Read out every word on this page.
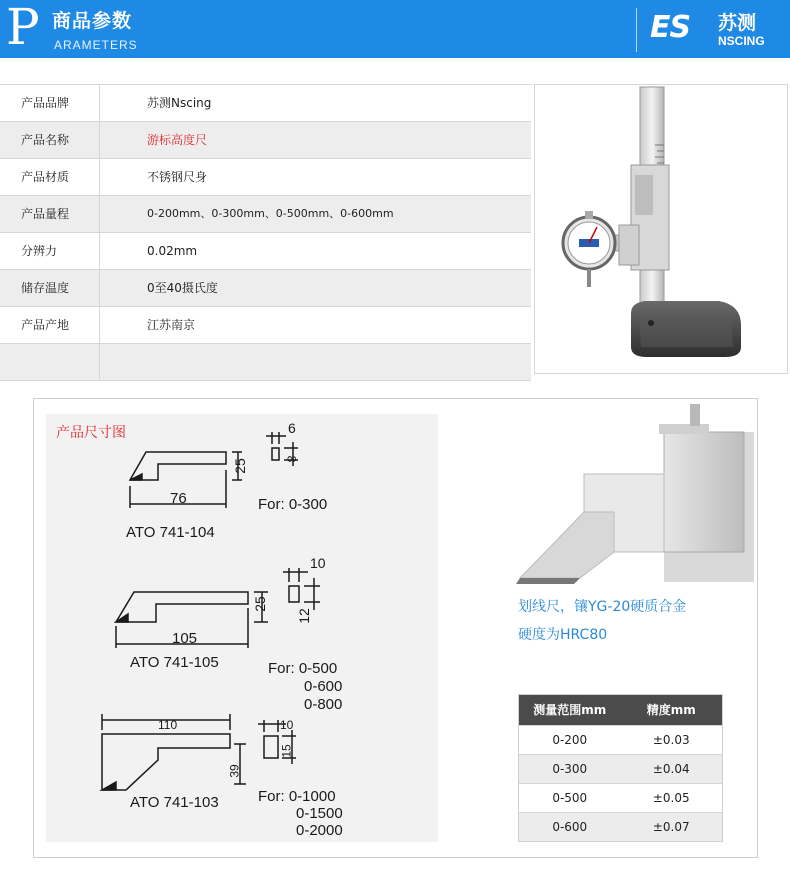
P 商品参数
ARAMETERS	ES 苏测
NSCING
产品品牌	苏测Nscing
产品名称	游标高度尺
产品材质	不锈钢尺身
产品量程	0-200mm、0-300mm、0-500mm、0-600mm
分辨力	0.02mm
储存温度	0至40摄氏度
产品产地	江苏南京
产品尺寸图	6
8
25
76	For: 0-300
ATO 741-104
10
12
25
105
ATO 741-105	For: 0-500
0-600
0-800
110	10
39
15
ATO 741-103	For: 0-1000
0-1500
0-2000
划线尺，镶YG-20硬质合金
硬度为HRC80
测量范围mm	精度mm
0-200	±0.03
0-300	±0.04
0-500	±0.05
0-600	±0.07
